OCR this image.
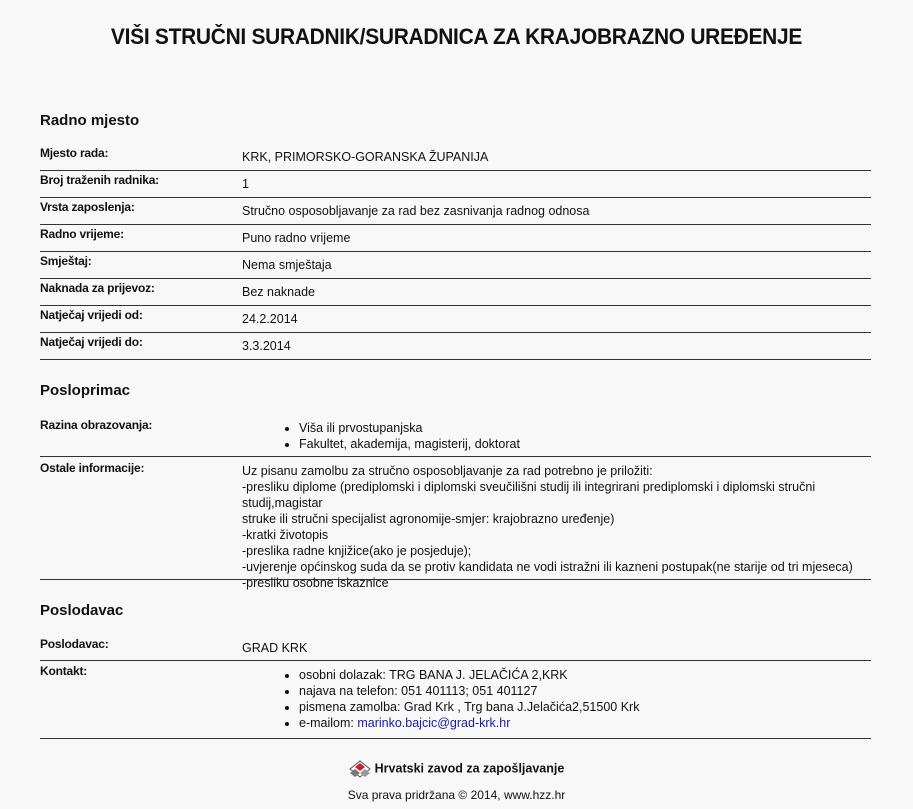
VIŠI STRUČNI SURADNIK/SURADNICA ZA KRAJOBRAZNO UREĐENJE
Radno mjesto
Mjesto rada:	KRK, PRIMORSKO-GORANSKA ŽUPANIJA
Broj traženih radnika:	1
Vrsta zaposlenja:	Stručno osposobljavanje za rad bez zasnivanja radnog odnosa
Radno vrijeme:	Puno radno vrijeme
Smještaj:	Nema smještaja
Naknada za prijevoz:	Bez naknade
Natječaj vrijedi od:	24.2.2014
Natječaj vrijedi do:	3.3.2014
Posloprimac
Razina obrazovanja:	• Viša ili prvostupanjska
• Fakultet, akademija, magisterij, doktorat
Ostale informacije:	Uz pisanu zamolbu za stručno osposobljavanje za rad potrebno je priložiti:
-presliku diplome (prediplomski i diplomski sveučilišni studij ili integrirani prediplomski i diplomski stručni studij,magistar
struke ili stručni specijalist agronomije-smjer: krajobrazno uređenje)
-kratki životopis
-preslika radne knjižice(ako je posjeduje);
-uvjerenje općinskog suda da se protiv kandidata ne vodi istražni ili kazneni postupak(ne starije od tri mjeseca)
-presliku osobne iskaznice
Poslodavac
Poslodavac:	GRAD KRK
Kontakt:	• osobni dolazak: TRG BANA J. JELAČIĆA 2,KRK
• najava na telefon: 051 401113; 051 401127
• pismena zamolba: Grad Krk , Trg bana J.Jelačića2,51500 Krk
• e-mailom: marinko.bajcic@grad-krk.hr
Hrvatski zavod za zapošljavanje
Sva prava pridržana © 2014, www.hzz.hr
